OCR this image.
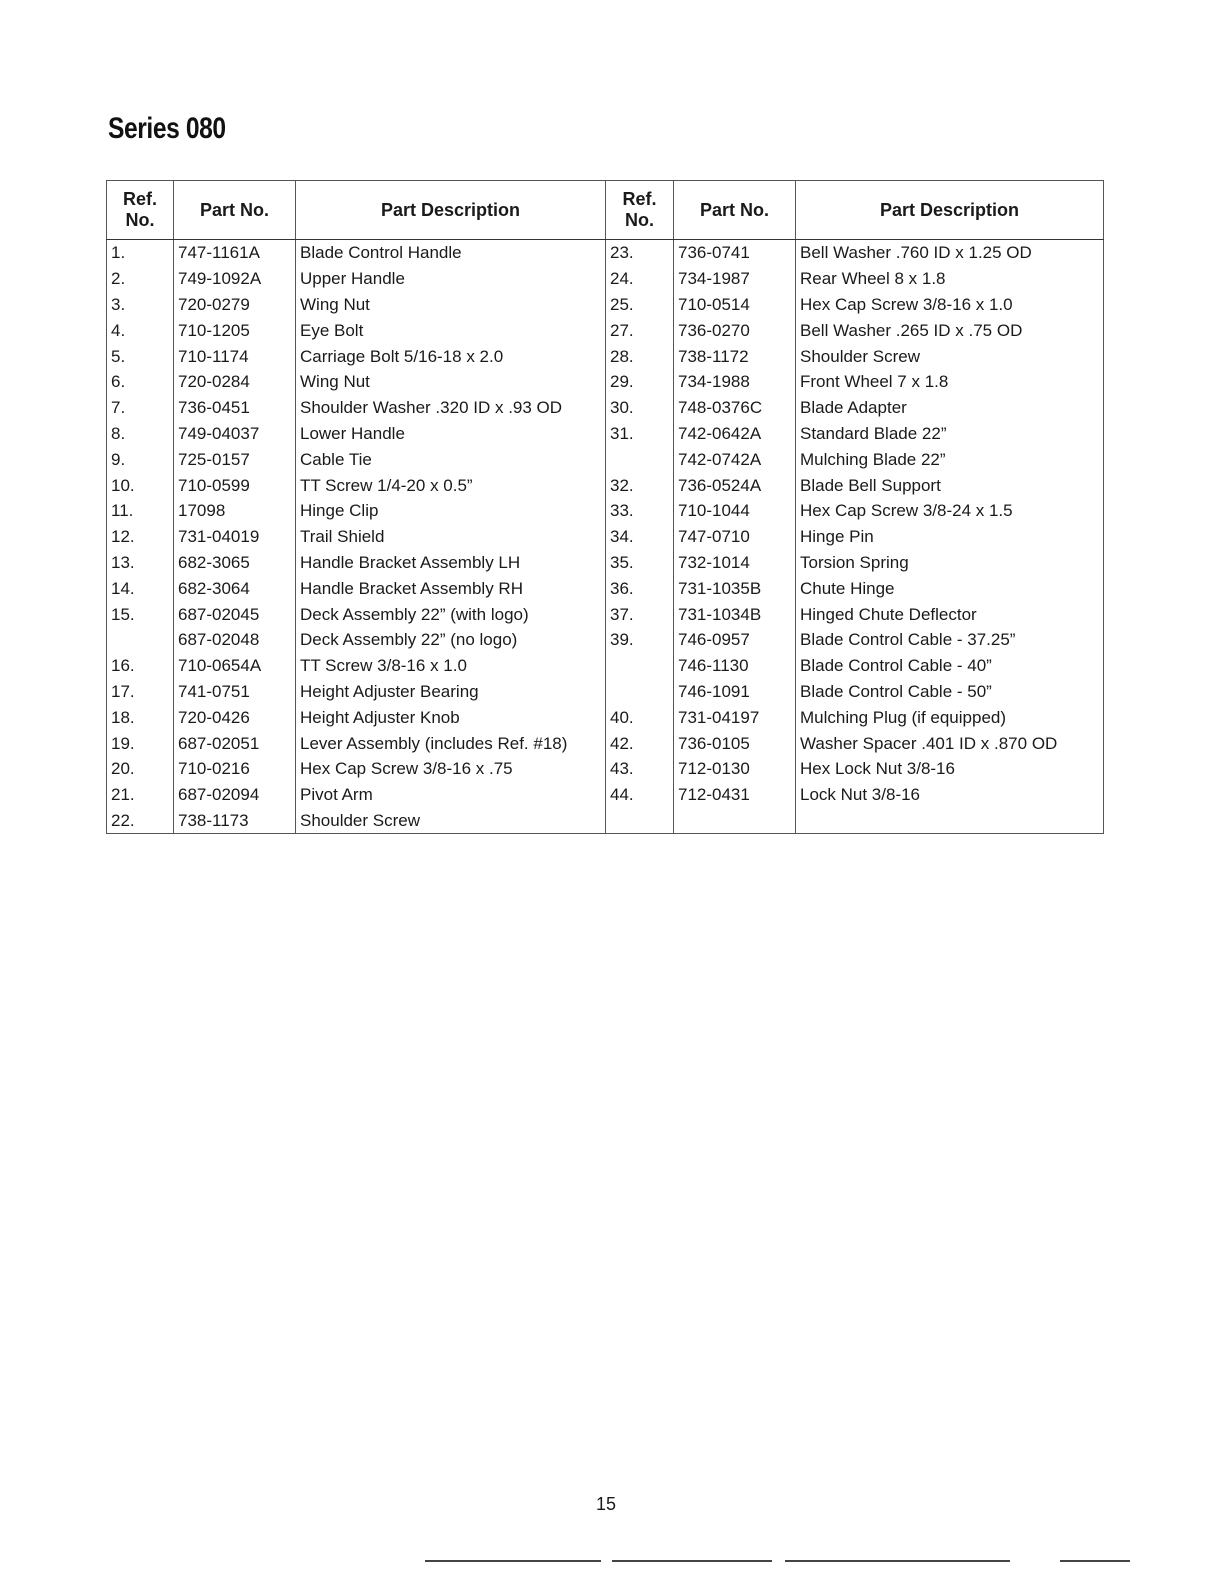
Series 080
Ref.
No.	Part No.	Part Description
1.	747-1161A	Blade Control Handle
2.	749-1092A	Upper Handle
3.	720-0279	Wing Nut
4.	710-1205	Eye Bolt
5.	710-1174	Carriage Bolt 5/16-18 x 2.0
6.	720-0284	Wing Nut
7.	736-0451	Shoulder Washer .320 ID x .93 OD
8.	749-04037	Lower Handle
9.	725-0157	Cable Tie
10.	710-0599	TT Screw 1/4-20 x 0.5”
11.	17098	Hinge Clip
12.	731-04019	Trail Shield
13.	682-3065	Handle Bracket Assembly LH
14.	682-3064	Handle Bracket Assembly RH
15.	687-02045	Deck Assembly 22” (with logo)
	687-02048	Deck Assembly 22” (no logo)
16.	710-0654A	TT Screw 3/8-16 x 1.0
17.	741-0751	Height Adjuster Bearing
18.	720-0426	Height Adjuster Knob
19.	687-02051	Lever Assembly (includes Ref. #18)
20.	710-0216	Hex Cap Screw 3/8-16 x .75
21.	687-02094	Pivot Arm
22.	738-1173	Shoulder Screw
Ref.
No.	Part No.	Part Description
23.	736-0741	Bell Washer .760 ID x 1.25 OD
24.	734-1987	Rear Wheel 8 x 1.8
25.	710-0514	Hex Cap Screw 3/8-16 x 1.0
27.	736-0270	Bell Washer .265 ID x .75 OD
28.	738-1172	Shoulder Screw
29.	734-1988	Front Wheel 7 x 1.8
30.	748-0376C	Blade Adapter
31.	742-0642A	Standard Blade 22”
	742-0742A	Mulching Blade 22”
32.	736-0524A	Blade Bell Support
33.	710-1044	Hex Cap Screw 3/8-24 x 1.5
34.	747-0710	Hinge Pin
35.	732-1014	Torsion Spring
36.	731-1035B	Chute Hinge
37.	731-1034B	Hinged Chute Deflector
39.	746-0957	Blade Control Cable - 37.25”
	746-1130	Blade Control Cable - 40”
	746-1091	Blade Control Cable - 50”
40.	731-04197	Mulching Plug (if equipped)
42.	736-0105	Washer Spacer .401 ID x .870 OD
43.	712-0130	Hex Lock Nut 3/8-16
44.	712-0431	Lock Nut 3/8-16

15
